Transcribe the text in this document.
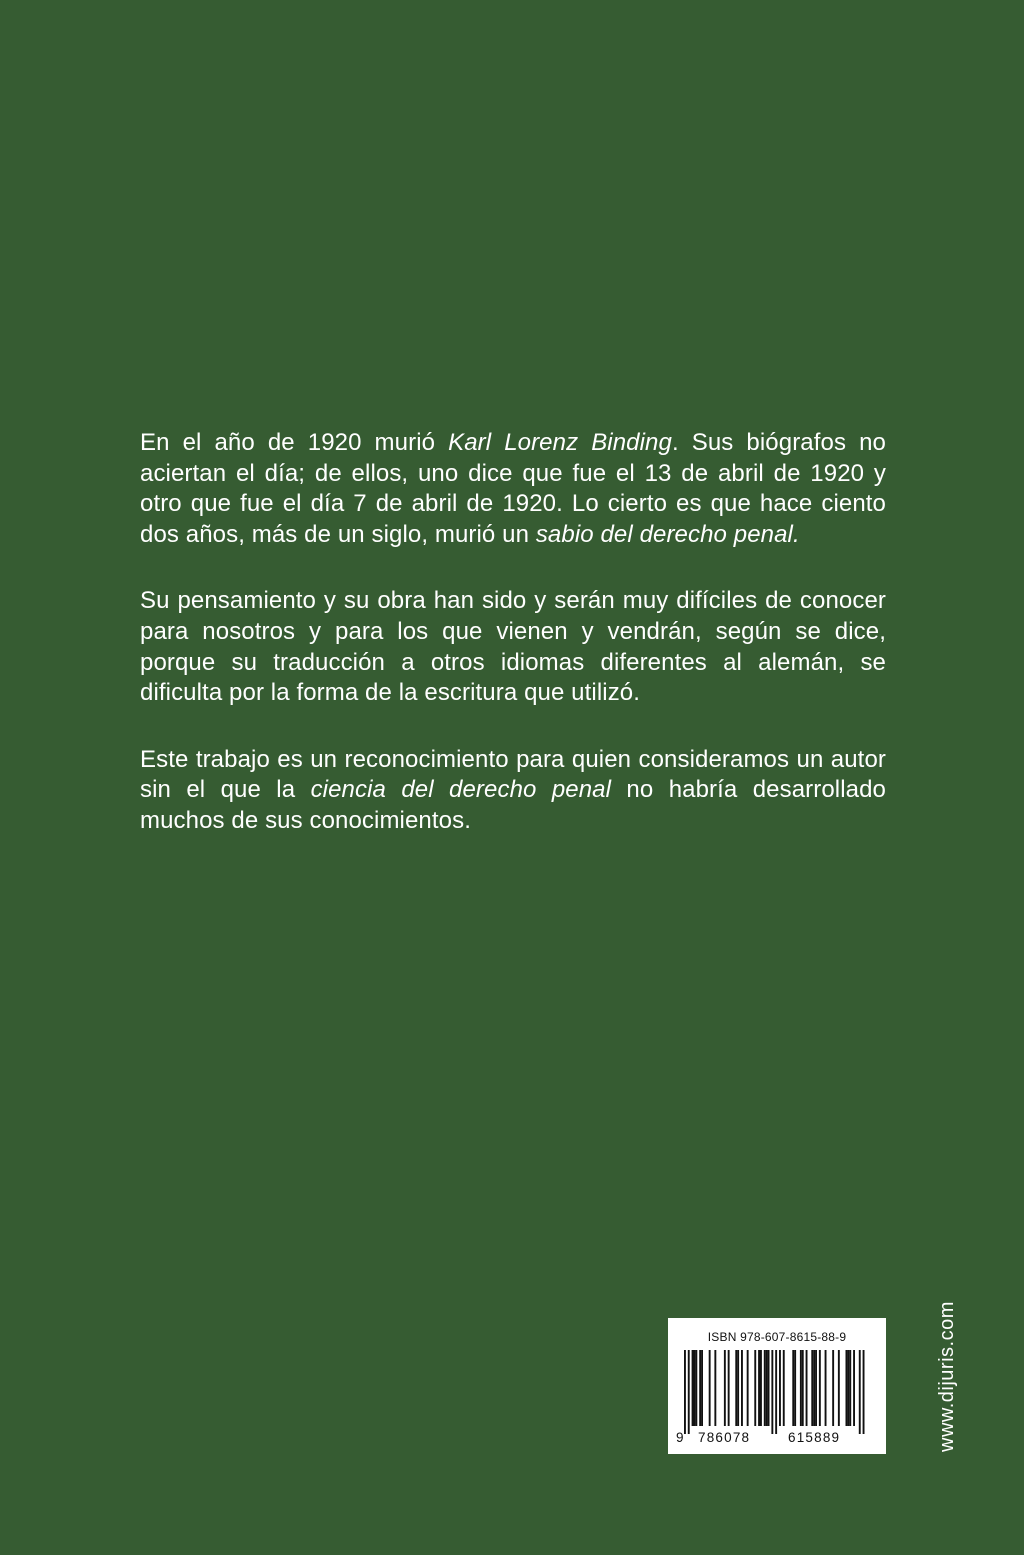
En el año de 1920 murió Karl Lorenz Binding. Sus biógrafos no aciertan el día; de ellos, uno dice que fue el 13 de abril de 1920 y otro que fue el día 7 de abril de 1920. Lo cierto es que hace ciento dos años, más de un siglo, murió un sabio del derecho penal.

Su pensamiento y su obra han sido y serán muy difíciles de conocer para nosotros y para los que vienen y vendrán, según se dice, porque su traducción a otros idiomas diferentes al alemán, se dificulta por la forma de la escritura que utilizó.

Este trabajo es un reconocimiento para quien consideramos un autor sin el que la ciencia del derecho penal no habría desarrollado muchos de sus conocimientos.

ISBN 978-607-8615-88-9
9 786078	615889	www.dijuris.com
